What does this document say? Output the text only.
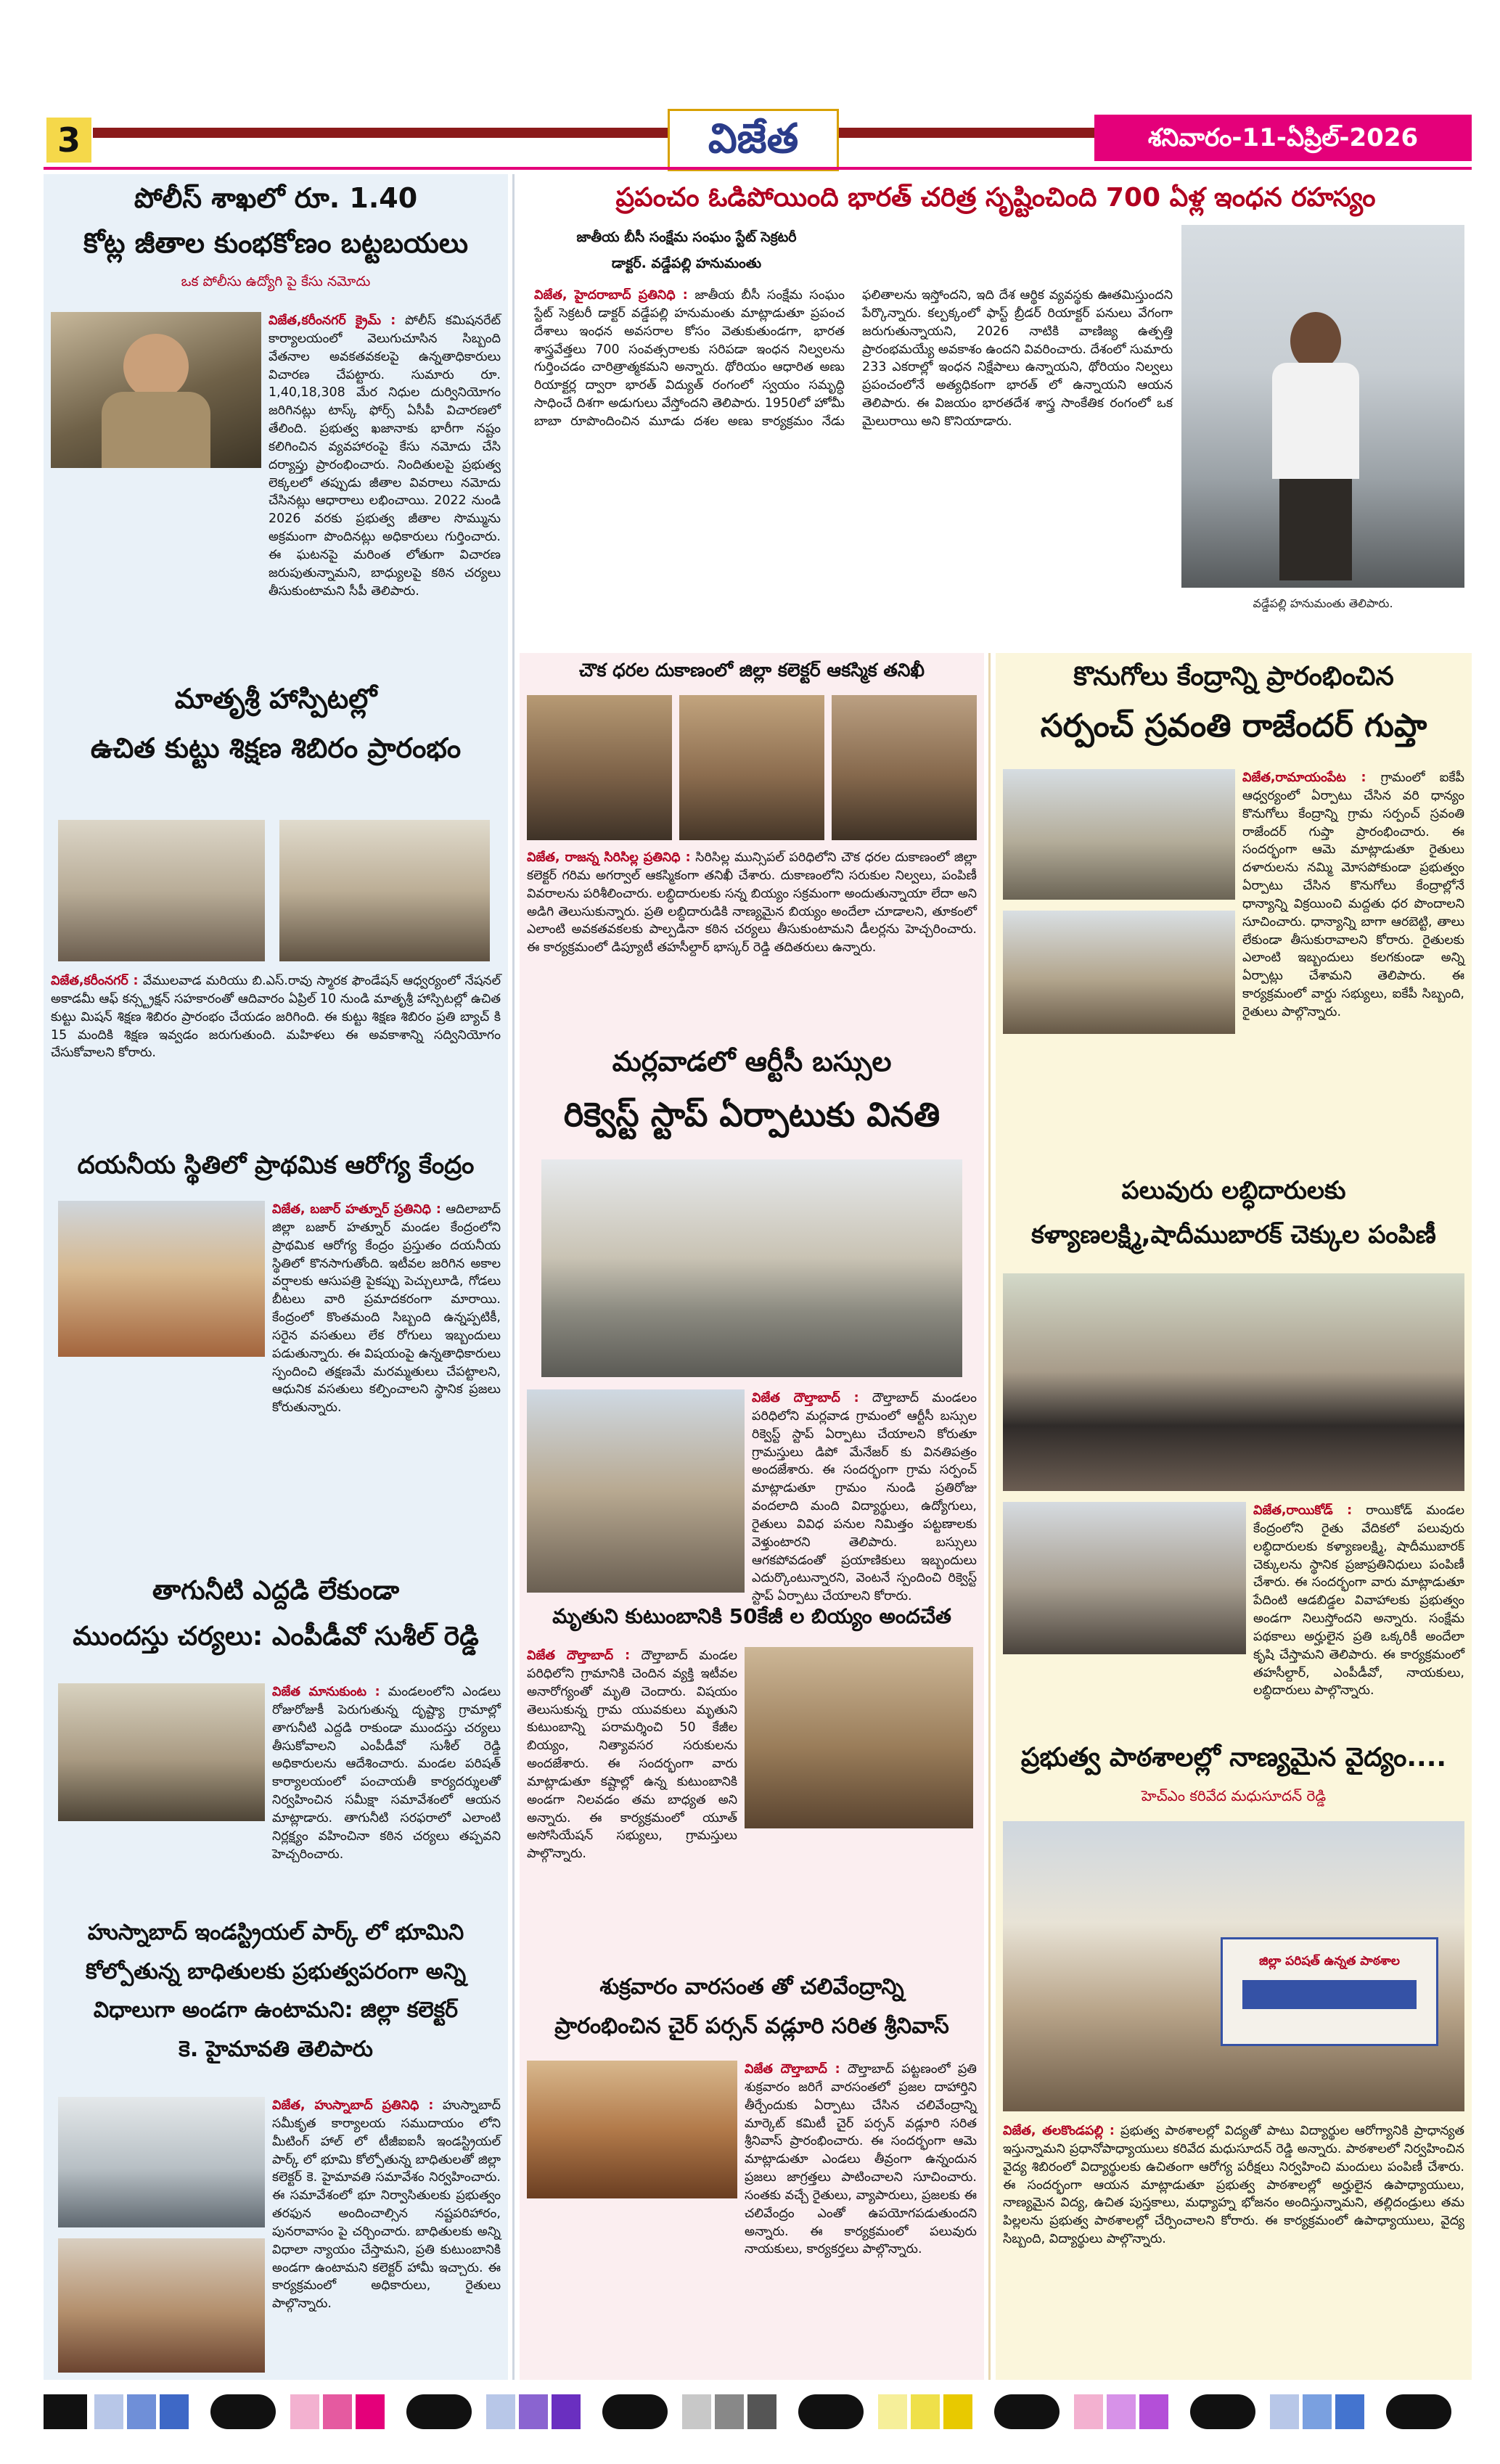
3	విజేత	శనివారం-11-ఏప్రిల్-2026
పోలీస్ శాఖలో రూ. 1.40
కోట్ల జీతాల కుంభకోణం బట్టబయలు
ఒక పోలీసు ఉద్యోగి పై కేసు నమోదు
విజేత,కరీంనగర్ క్రైమ్ : పోలీస్ కమిషనరేట్ కార్యాలయంలో వెలుగుచూసిన సిబ్బంది వేతనాల అవకతవకలపై ఉన్నతాధికారులు విచారణ చేపట్టారు. సుమారు రూ. 1,40,18,308 మేర నిధుల దుర్వినియోగం జరిగినట్లు టాస్క్ ఫోర్స్ ఏసీపీ విచారణలో తేలింది. ప్రభుత్వ ఖజానాకు భారీగా నష్టం కలిగించిన వ్యవహారంపై కేసు నమోదు చేసి దర్యాప్తు ప్రారంభించారు. నిందితులపై ప్రభుత్వ లెక్కలలో తప్పుడు జీతాల వివరాలు నమోదు చేసినట్లు ఆధారాలు లభించాయి. 2022 నుండి 2026 వరకు ప్రభుత్వ జీతాల సొమ్మును అక్రమంగా పొందినట్లు అధికారులు గుర్తించారు. ఈ ఘటనపై మరింత లోతుగా విచారణ జరుపుతున్నామని, బాధ్యులపై కఠిన చర్యలు తీసుకుంటామని సీపీ తెలిపారు.
మాతృశ్రీ హాస్పిటల్లో
ఉచిత కుట్టు శిక్షణ శిబిరం ప్రారంభం
విజేత,కరీంనగర్ : వేములవాడ మరియు బి.ఎస్.రావు స్మారక ఫౌండేషన్ ఆధ్వర్యంలో నేషనల్ అకాడమీ ఆఫ్ కన్స్ట్రక్షన్ సహకారంతో ఆదివారం ఏప్రిల్ 10 నుండి మాతృశ్రీ హాస్పిటల్లో ఉచిత కుట్టు మిషన్ శిక్షణ శిబిరం ప్రారంభం చేయడం జరిగింది. ఈ కుట్టు శిక్షణ శిబిరం ప్రతి బ్యాచ్ కి 15 మందికి శిక్షణ ఇవ్వడం జరుగుతుంది. మహిళలు ఈ అవకాశాన్ని సద్వినియోగం చేసుకోవాలని కోరారు.
దయనీయ స్థితిలో ప్రాథమిక ఆరోగ్య కేంద్రం
విజేత, బజార్ హత్నూర్ ప్రతినిధి : ఆదిలాబాద్ జిల్లా బజార్ హత్నూర్ మండల కేంద్రంలోని ప్రాథమిక ఆరోగ్య కేంద్రం ప్రస్తుతం దయనీయ స్థితిలో కొనసాగుతోంది. ఇటీవల జరిగిన అకాల వర్షాలకు ఆసుపత్రి పైకప్పు పెచ్చులూడి, గోడలు బీటలు వారి ప్రమాదకరంగా మారాయి. కేంద్రంలో కొంతమంది సిబ్బంది ఉన్నప్పటికీ, సరైన వసతులు లేక రోగులు ఇబ్బందులు పడుతున్నారు. ఈ విషయంపై ఉన్నతాధికారులు స్పందించి తక్షణమే మరమ్మతులు చేపట్టాలని, ఆధునిక వసతులు కల్పించాలని స్థానిక ప్రజలు కోరుతున్నారు.
తాగునీటి ఎద్దడి లేకుండా
ముందస్తు చర్యలు: ఎంపీడీవో సుశీల్ రెడ్డి
విజేత మానుకుంట : మండలంలోని ఎండలు రోజురోజుకీ పెరుగుతున్న దృష్ట్యా గ్రామాల్లో తాగునీటి ఎద్దడి రాకుండా ముందస్తు చర్యలు తీసుకోవాలని ఎంపీడీవో సుశీల్ రెడ్డి అధికారులను ఆదేశించారు. మండల పరిషత్ కార్యాలయంలో పంచాయతీ కార్యదర్శులతో నిర్వహించిన సమీక్షా సమావేశంలో ఆయన మాట్లాడారు. తాగునీటి సరఫరాలో ఎలాంటి నిర్లక్ష్యం వహించినా కఠిన చర్యలు తప్పవని హెచ్చరించారు.
హుస్నాబాద్ ఇండస్ట్రియల్ పార్క్ లో భూమిని
కోల్పోతున్న బాధితులకు ప్రభుత్వపరంగా అన్ని
విధాలుగా అండగా ఉంటామని: జిల్లా కలెక్టర్
కె. హైమావతి తెలిపారు
విజేత, హుస్నాబాద్ ప్రతినిధి : హుస్నాబాద్ సమీకృత కార్యాలయ సముదాయం లోని మీటింగ్ హాల్ లో టీజీఐఐసీ ఇండస్ట్రియల్ పార్క్ లో భూమి కోల్పోతున్న బాధితులతో జిల్లా కలెక్టర్ కె. హైమావతి సమావేశం నిర్వహించారు. ఈ సమావేశంలో భూ నిర్వాసితులకు ప్రభుత్వం తరఫున అందించాల్సిన నష్టపరిహారం, పునరావాసం పై చర్చించారు. బాధితులకు అన్ని విధాలా న్యాయం చేస్తామని, ప్రతి కుటుంబానికి అండగా ఉంటామని కలెక్టర్ హామీ ఇచ్చారు. ఈ కార్యక్రమంలో అధికారులు, రైతులు పాల్గొన్నారు.
ప్రపంచం ఓడిపోయింది భారత్ చరిత్ర సృష్టించింది 700 ఏళ్ల ఇంధన రహస్యం
జాతీయ బీసీ సంక్షేమ సంఘం స్టేట్ సెక్రటరీ
డాక్టర్. వడ్డేపల్లి హనుమంతు
విజేత, హైదరాబాద్ ప్రతినిధి : జాతీయ బీసీ సంక్షేమ సంఘం స్టేట్ సెక్రటరీ డాక్టర్ వడ్డేపల్లి హనుమంతు మాట్లాడుతూ ప్రపంచ దేశాలు ఇంధన అవసరాల కోసం వెతుకుతుండగా, భారత శాస్త్రవేత్తలు 700 సంవత్సరాలకు సరిపడా ఇంధన నిల్వలను గుర్తించడం చారిత్రాత్మకమని అన్నారు. థోరియం ఆధారిత అణు రియాక్టర్ల ద్వారా భారత్ విద్యుత్ రంగంలో స్వయం సమృద్ధి సాధించే దిశగా అడుగులు వేస్తోందని తెలిపారు. 1950లో హోమీ బాబా రూపొందించిన మూడు దశల అణు కార్యక్రమం నేడు ఫలితాలను ఇస్తోందని, ఇది దేశ ఆర్థిక వ్యవస్థకు ఊతమిస్తుందని పేర్కొన్నారు. కల్పక్కంలో ఫాస్ట్ బ్రీడర్ రియాక్టర్ పనులు వేగంగా జరుగుతున్నాయని, 2026 నాటికి వాణిజ్య ఉత్పత్తి ప్రారంభమయ్యే అవకాశం ఉందని వివరించారు. దేశంలో సుమారు 233 ఎకరాల్లో ఇంధన నిక్షేపాలు ఉన్నాయని, థోరియం నిల్వలు ప్రపంచంలోనే అత్యధికంగా భారత్ లో ఉన్నాయని ఆయన తెలిపారు. ఈ విజయం భారతదేశ శాస్త్ర సాంకేతిక రంగంలో ఒక మైలురాయి అని కొనియాడారు.
వడ్డేపల్లి హనుమంతు తెలిపారు.
చౌక ధరల దుకాణంలో జిల్లా కలెక్టర్ ఆకస్మిక తనిఖీ
విజేత, రాజన్న సిరిసిల్ల ప్రతినిధి : సిరిసిల్ల మున్సిపల్ పరిధిలోని చౌక ధరల దుకాణంలో జిల్లా కలెక్టర్ గరిమ అగర్వాల్ ఆకస్మికంగా తనిఖీ చేశారు. దుకాణంలోని సరుకుల నిల్వలు, పంపిణీ వివరాలను పరిశీలించారు. లబ్ధిదారులకు సన్న బియ్యం సక్రమంగా అందుతున్నాయా లేదా అని అడిగి తెలుసుకున్నారు. ప్రతి లబ్ధిదారుడికి నాణ్యమైన బియ్యం అందేలా చూడాలని, తూకంలో ఎలాంటి అవకతవకలకు పాల్పడినా కఠిన చర్యలు తీసుకుంటామని డీలర్లను హెచ్చరించారు. ఈ కార్యక్రమంలో డిప్యూటీ తహసీల్దార్ భాస్కర్ రెడ్డి తదితరులు ఉన్నారు.
మర్లవాడలో ఆర్టీసీ బస్సుల
రిక్వెస్ట్ స్టాప్ ఏర్పాటుకు వినతి
విజేత దౌల్తాబాద్ : దౌల్తాబాద్ మండలం పరిధిలోని మర్లవాడ గ్రామంలో ఆర్టీసీ బస్సుల రిక్వెస్ట్ స్టాప్ ఏర్పాటు చేయాలని కోరుతూ గ్రామస్తులు డిపో మేనేజర్ కు వినతిపత్రం అందజేశారు. ఈ సందర్భంగా గ్రామ సర్పంచ్ మాట్లాడుతూ గ్రామం నుండి ప్రతిరోజు వందలాది మంది విద్యార్థులు, ఉద్యోగులు, రైతులు వివిధ పనుల నిమిత్తం పట్టణాలకు వెళ్తుంటారని తెలిపారు. బస్సులు ఆగకపోవడంతో ప్రయాణికులు ఇబ్బందులు ఎదుర్కొంటున్నారని, వెంటనే స్పందించి రిక్వెస్ట్ స్టాప్ ఏర్పాటు చేయాలని కోరారు.
మృతుని కుటుంబానికి 50కేజీ ల బియ్యం అందచేత
విజేత దౌల్తాబాద్ : దౌల్తాబాద్ మండల పరిధిలోని గ్రామానికి చెందిన వ్యక్తి ఇటీవల అనారోగ్యంతో మృతి చెందారు. విషయం తెలుసుకున్న గ్రామ యువకులు మృతుని కుటుంబాన్ని పరామర్శించి 50 కేజీల బియ్యం, నిత్యావసర సరుకులను అందజేశారు. ఈ సందర్భంగా వారు మాట్లాడుతూ కష్టాల్లో ఉన్న కుటుంబానికి అండగా నిలవడం తమ బాధ్యత అని అన్నారు. ఈ కార్యక్రమంలో యూత్ అసోసియేషన్ సభ్యులు, గ్రామస్తులు పాల్గొన్నారు.
శుక్రవారం వారసంత తో చలివేంద్రాన్ని
ప్రారంభించిన చైర్ పర్సన్ వడ్లూరి సరిత శ్రీనివాస్
విజేత దౌల్తాబాద్ : దౌల్తాబాద్ పట్టణంలో ప్రతి శుక్రవారం జరిగే వారసంతలో ప్రజల దాహార్తిని తీర్చేందుకు ఏర్పాటు చేసిన చలివేంద్రాన్ని మార్కెట్ కమిటీ చైర్ పర్సన్ వడ్లూరి సరిత శ్రీనివాస్ ప్రారంభించారు. ఈ సందర్భంగా ఆమె మాట్లాడుతూ ఎండలు తీవ్రంగా ఉన్నందున ప్రజలు జాగ్రత్తలు పాటించాలని సూచించారు. సంతకు వచ్చే రైతులు, వ్యాపారులు, ప్రజలకు ఈ చలివేంద్రం ఎంతో ఉపయోగపడుతుందని అన్నారు. ఈ కార్యక్రమంలో పలువురు నాయకులు, కార్యకర్తలు పాల్గొన్నారు.
కొనుగోలు కేంద్రాన్ని ప్రారంభించిన
సర్పంచ్ స్రవంతి రాజేందర్ గుప్తా
విజేత,రామాయంపేట : గ్రామంలో ఐకేపీ ఆధ్వర్యంలో ఏర్పాటు చేసిన వరి ధాన్యం కొనుగోలు కేంద్రాన్ని గ్రామ సర్పంచ్ స్రవంతి రాజేందర్ గుప్తా ప్రారంభించారు. ఈ సందర్భంగా ఆమె మాట్లాడుతూ రైతులు దళారులను నమ్మి మోసపోకుండా ప్రభుత్వం ఏర్పాటు చేసిన కొనుగోలు కేంద్రాల్లోనే ధాన్యాన్ని విక్రయించి మద్దతు ధర పొందాలని సూచించారు. ధాన్యాన్ని బాగా ఆరబెట్టి, తాలు లేకుండా తీసుకురావాలని కోరారు. రైతులకు ఎలాంటి ఇబ్బందులు కలగకుండా అన్ని ఏర్పాట్లు చేశామని తెలిపారు. ఈ కార్యక్రమంలో వార్డు సభ్యులు, ఐకేపీ సిబ్బంది, రైతులు పాల్గొన్నారు.
పలువురు లబ్ధిదారులకు
కళ్యాణలక్ష్మి,షాదీముబారక్ చెక్కుల పంపిణీ
విజేత,రాయికోడ్ : రాయికోడ్ మండల కేంద్రంలోని రైతు వేదికలో పలువురు లబ్ధిదారులకు కళ్యాణలక్ష్మి, షాదీముబారక్ చెక్కులను స్థానిక ప్రజాప్రతినిధులు పంపిణీ చేశారు. ఈ సందర్భంగా వారు మాట్లాడుతూ పేదింటి ఆడబిడ్డల వివాహాలకు ప్రభుత్వం అండగా నిలుస్తోందని అన్నారు. సంక్షేమ పథకాలు అర్హులైన ప్రతి ఒక్కరికీ అందేలా కృషి చేస్తామని తెలిపారు. ఈ కార్యక్రమంలో తహసీల్దార్, ఎంపీడీవో, నాయకులు, లబ్ధిదారులు పాల్గొన్నారు.
ప్రభుత్వ పాఠశాలల్లో నాణ్యమైన వైద్యం....
హెచ్ఎం కరివేద మధుసూదన్ రెడ్డి
జిల్లా పరిషత్ ఉన్నత పాఠశాల
విజేత, తలకొండపల్లి : ప్రభుత్వ పాఠశాలల్లో విద్యతో పాటు విద్యార్థుల ఆరోగ్యానికి ప్రాధాన్యత ఇస్తున్నామని ప్రధానోపాధ్యాయులు కరివేద మధుసూదన్ రెడ్డి అన్నారు. పాఠశాలలో నిర్వహించిన వైద్య శిబిరంలో విద్యార్థులకు ఉచితంగా ఆరోగ్య పరీక్షలు నిర్వహించి మందులు పంపిణీ చేశారు. ఈ సందర్భంగా ఆయన మాట్లాడుతూ ప్రభుత్వ పాఠశాలల్లో అర్హులైన ఉపాధ్యాయులు, నాణ్యమైన విద్య, ఉచిత పుస్తకాలు, మధ్యాహ్న భోజనం అందిస్తున్నామని, తల్లిదండ్రులు తమ పిల్లలను ప్రభుత్వ పాఠశాలల్లో చేర్పించాలని కోరారు. ఈ కార్యక్రమంలో ఉపాధ్యాయులు, వైద్య సిబ్బంది, విద్యార్థులు పాల్గొన్నారు.
